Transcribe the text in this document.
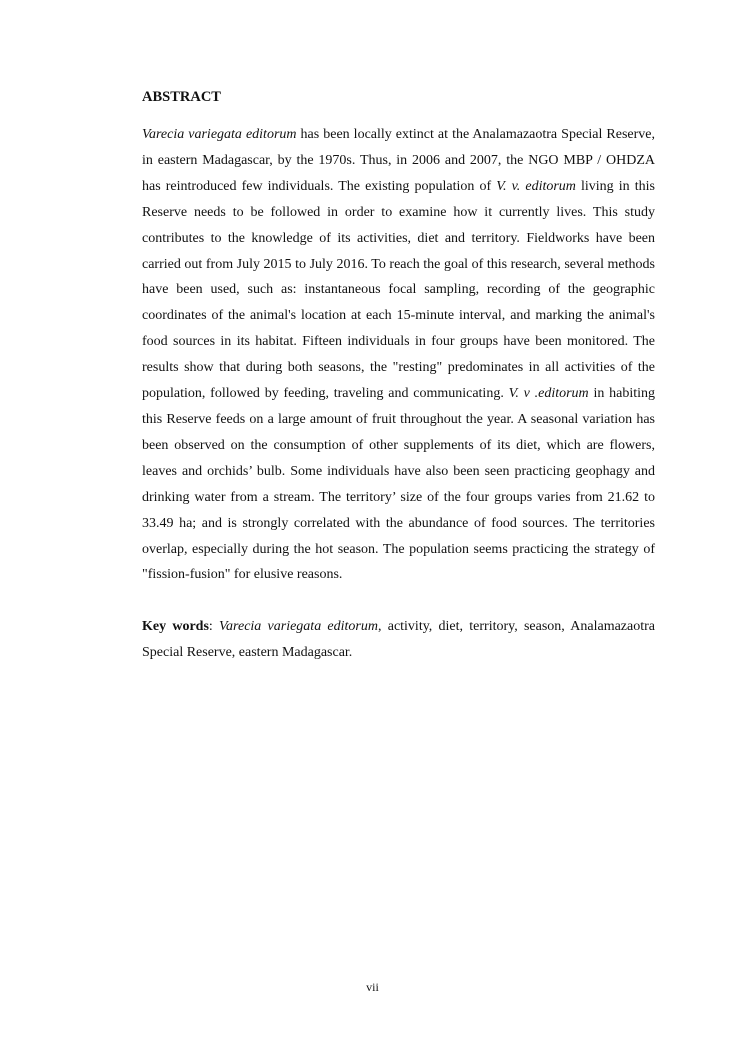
ABSTRACT

Varecia variegata editorum has been locally extinct at the Analamazaotra Special Reserve, in eastern Madagascar, by the 1970s. Thus, in 2006 and 2007, the NGO MBP / OHDZA has reintroduced few individuals. The existing population of V. v. editorum living in this Reserve needs to be followed in order to examine how it currently lives. This study contributes to the knowledge of its activities, diet and territory. Fieldworks have been carried out from July 2015 to July 2016. To reach the goal of this research, several methods have been used, such as: instantaneous focal sampling, recording of the geographic coordinates of the animal's location at each 15-minute interval, and marking the animal's food sources in its habitat. Fifteen individuals in four groups have been monitored. The results show that during both seasons, the "resting" predominates in all activities of the population, followed by feeding, traveling and communicating. V. v .editorum in habiting this Reserve feeds on a large amount of fruit throughout the year. A seasonal variation has been observed on the consumption of other supplements of its diet, which are flowers, leaves and orchids’ bulb. Some individuals have also been seen practicing geophagy and drinking water from a stream. The territory’ size of the four groups varies from 21.62 to 33.49 ha; and is strongly correlated with the abundance of food sources. The territories overlap, especially during the hot season. The population seems practicing the strategy of "fission-fusion" for elusive reasons.

Key words: Varecia variegata editorum, activity, diet, territory, season, Analamazaotra Special Reserve, eastern Madagascar.

vii
